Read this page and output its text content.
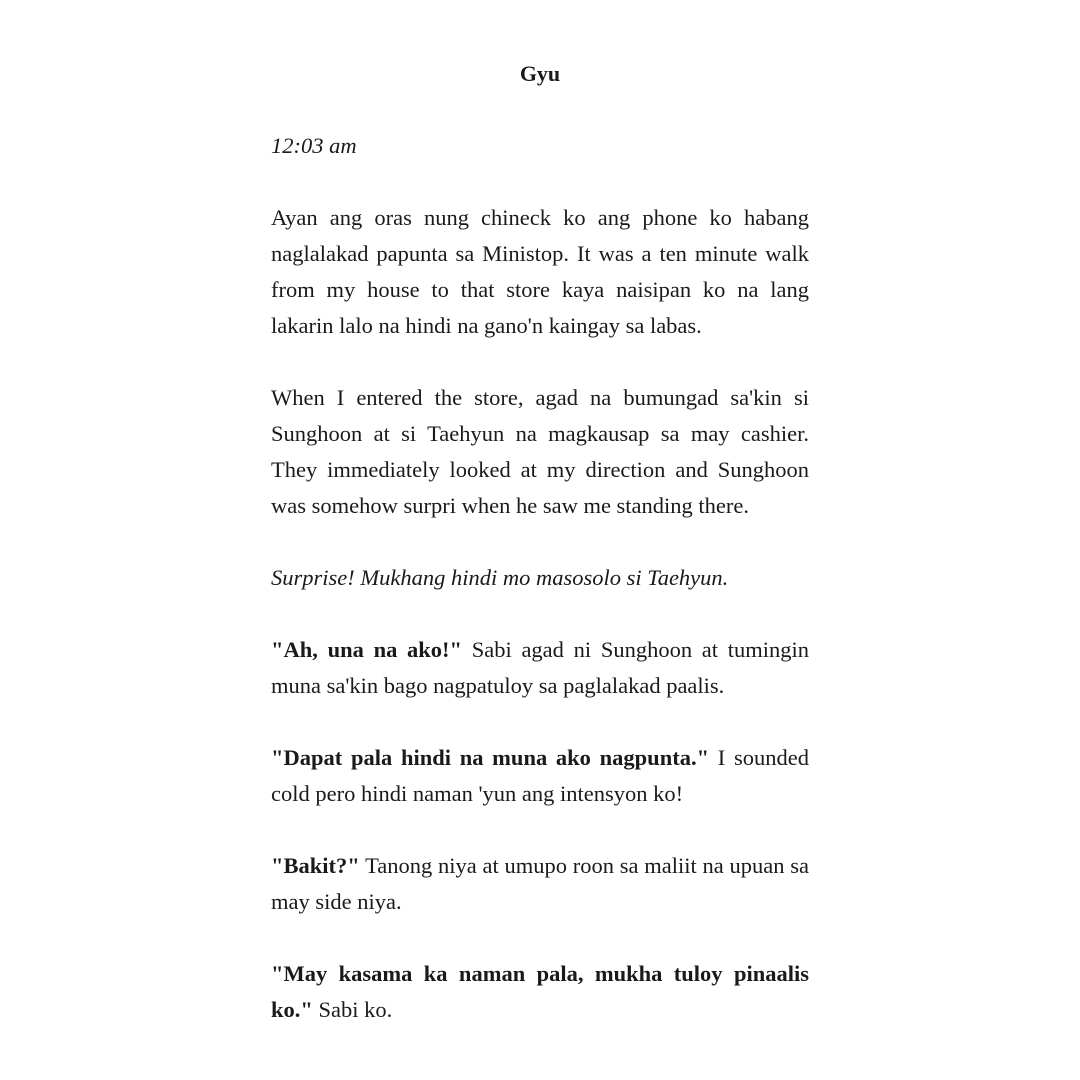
Gyu

12:03 am

Ayan ang oras nung chineck ko ang phone ko habang naglalakad papunta sa Ministop. It was a ten minute walk from my house to that store kaya naisipan ko na lang lakarin lalo na hindi na gano'n kaingay sa labas.

When I entered the store, agad na bumungad sa'kin si Sunghoon at si Taehyun na magkausap sa may cashier. They immediately looked at my direction and Sunghoon was somehow surpri when he saw me standing there.

Surprise! Mukhang hindi mo masosolo si Taehyun.

"Ah, una na ako!" Sabi agad ni Sunghoon at tumingin muna sa'kin bago nagpatuloy sa paglalakad paalis.

"Dapat pala hindi na muna ako nagpunta." I sounded cold pero hindi naman 'yun ang intensyon ko!

"Bakit?" Tanong niya at umupo roon sa maliit na upuan sa may side niya.

"May kasama ka naman pala, mukha tuloy pinaalis ko." Sabi ko.
